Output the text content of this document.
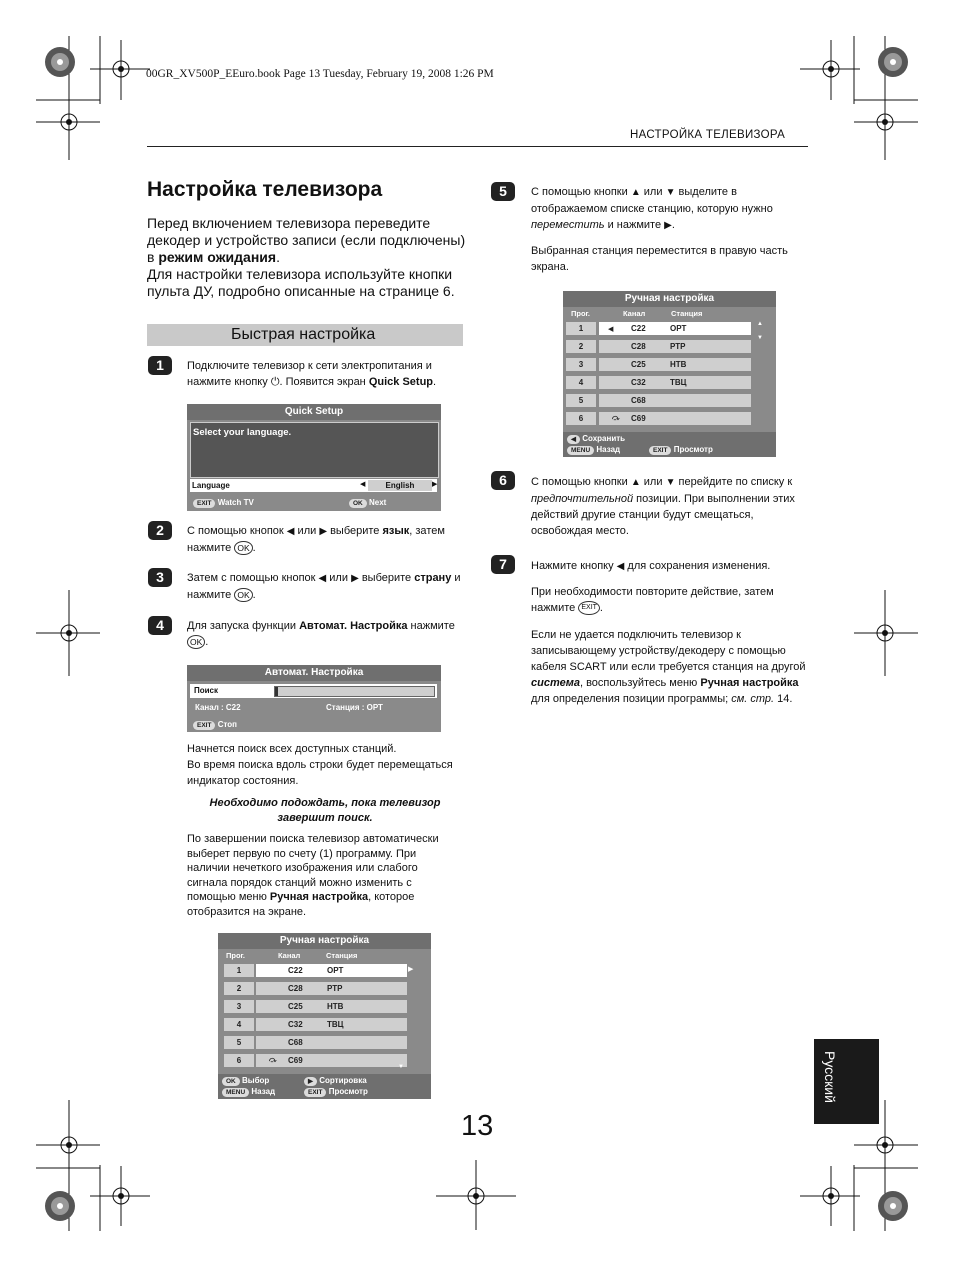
00GR_XV500P_EEuro.book Page 13 Tuesday, February 19, 2008 1:26 PM
НАСТРОЙКА ТЕЛЕВИЗОРА
Настройка телевизора
Перед включением телевизора переведите декодер и устройство записи (если подключены) в режим ожидания.
Для настройки телевизора используйте кнопки пульта ДУ, подробно описанные на странице 6.
Быстрая настройка
1	Подключите телевизор к сети электропитания и нажмите кнопку ⏻. Появится экран Quick Setup.
Quick Setup
Select your language.
Language	◀	English	▶
EXIT Watch TV	OK Next
2	С помощью кнопок ◀ или ▶ выберите язык, затем нажмите OK .
3	Затем с помощью кнопок ◀ или ▶ выберите страну и нажмите OK .
4	Для запуска функции Автомат. Настройка нажмите OK .
Автомат. Настройка
Поиск
Канал : C22	Станция : ОРТ
EXIT Стоп
Начнется поиск всех доступных станций.
Во время поиска вдоль строки будет перемещаться индикатор состояния.
Необходимо подождать, пока телевизор
завершит поиск.
По завершении поиска телевизор автоматически выберет первую по счету (1) программу. При наличии нечеткого изображения или слабого сигнала порядок станций можно изменить с помощью меню Ручная настройка, которое отобразится на экране.
Ручная настройка
Прог.	Канал	Станция
1	C22	ОРТ
2	C28	РТР
3	C25	НТВ
4	C32	ТВЦ
5	C68
6	⤼ C69
▶
▼
OK Выбор	▶ Сортировка
MENU Назад	EXIT Просмотр
5	С помощью кнопки ▲ или ▼ выделите в отображаемом списке станцию, которую нужно переместить и нажмите ▶.
Выбранная станция переместится в правую часть экрана.
Ручная настройка
Прог.	Канал	Станция
1	C22	ОРТ
2	C28	РТР
3	C25	НТВ
4	C32	ТВЦ
5	C68
6	⤼ C69
◀
▲
▼
◀ Сохранить
MENU Назад	EXIT Просмотр
6	С помощью кнопки ▲ или ▼ перейдите по списку к предпочтительной позиции. При выполнении этих действий другие станции будут смещаться, освобождая место.
7	Нажмите кнопку ◀ для сохранения изменения.
При необходимости повторите действие, затем нажмите EXIT .
Если не удается подключить телевизор к записывающему устройству/декодеру с помощью кабеля SCART или если требуется станция на другой система, воспользуйтесь меню Ручная настройка для определения позиции программы; см. стр. 14.
Русский
13
